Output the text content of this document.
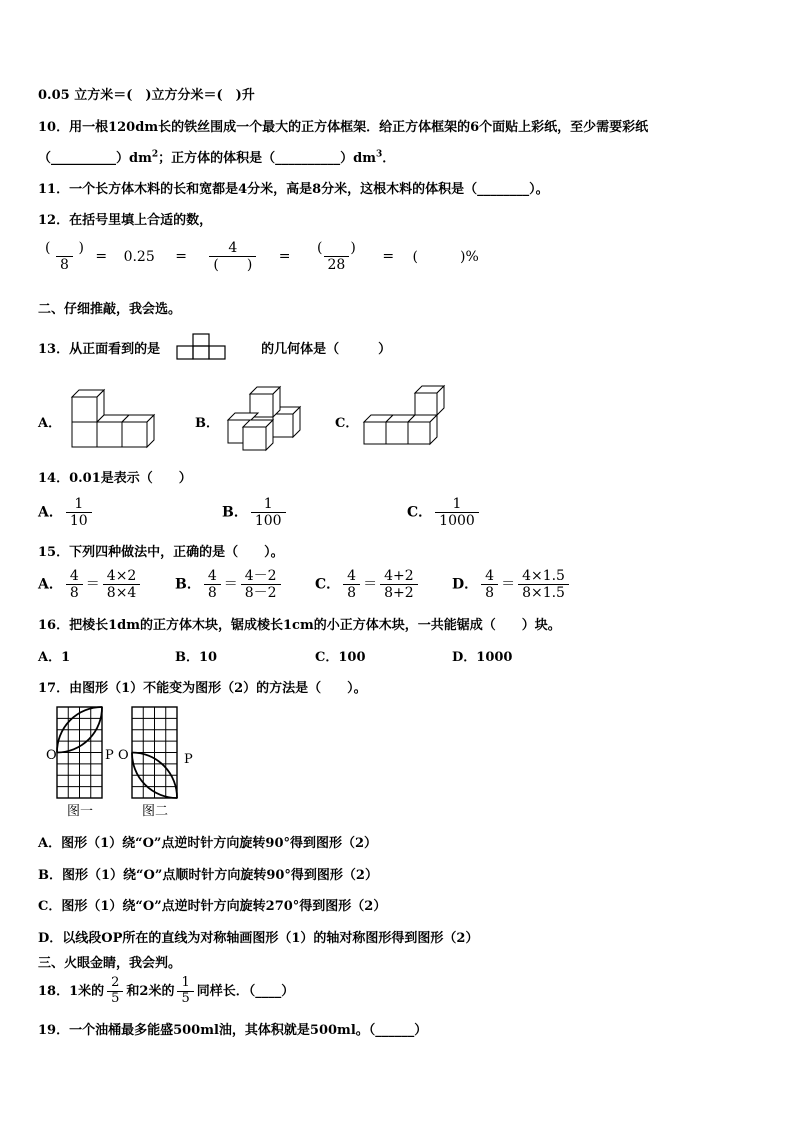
0.05 立方米＝(　)立方分米＝(　)升
10．用一根120dm长的铁丝围成一个最大的正方体框架．给正方体框架的6个面贴上彩纸，至少需要彩纸
$(\_\_\_\_\_\_\_\_\_\_)dm^2$；正方体的体积是$(\_\_\_\_\_\_\_\_\_\_)dm^3$．
11．一个长方体木料的长和宽都是4分米，高是8分米，这根木料的体积是（________）。
12．在括号里填上合适的数，
$\frac{( )}{8} = 0.25 = \frac{4}{( )} = \frac{( )}{28}$ = (　　　)%
二、仔细推敲，我会选。
13．从正面看到的是	的几何体是（　　　）
A．	B．	C．
14．0.01是表示（　　）
A． $\frac{1}{10}$	B． $\frac{1}{100}$	C． $\frac{1}{1000}$
15．下列四种做法中，正确的是（　　）。
A． $\frac{4}{8} = \frac{4\times 2}{8\times 4}$ B． $\frac{4}{8} = \frac{4-2}{8-2}$ C． $\frac{4}{8} = \frac{4+2}{8+2}$ D． $\frac{4}{8} = \frac{4\times 1.5}{8\times 1.5}$
16．把棱长1dm的正方体木块，锯成棱长1cm的小正方体木块，一共能锯成（　　）块。
A．1	B．10	C．100	D．1000
17．由图形（1）不能变为图形（2）的方法是（　　）。
O	P
图一
O	P
图二
A．图形（1）绕“O”点逆时针方向旋转90°得到图形（2）
B．图形（1）绕“O”点顺时针方向旋转90°得到图形（2）
C．图形（1）绕“O”点逆时针方向旋转270°得到图形（2）
D．以线段OP所在的直线为对称轴画图形（1）的轴对称图形得到图形（2）
三、火眼金睛，我会判。
18．1米的 $\frac{2}{5}$ 和2米的 $\frac{1}{5}$ 同样长．（____）
19．一个油桶最多能盛500ml油，其体积就是500ml。（______）
